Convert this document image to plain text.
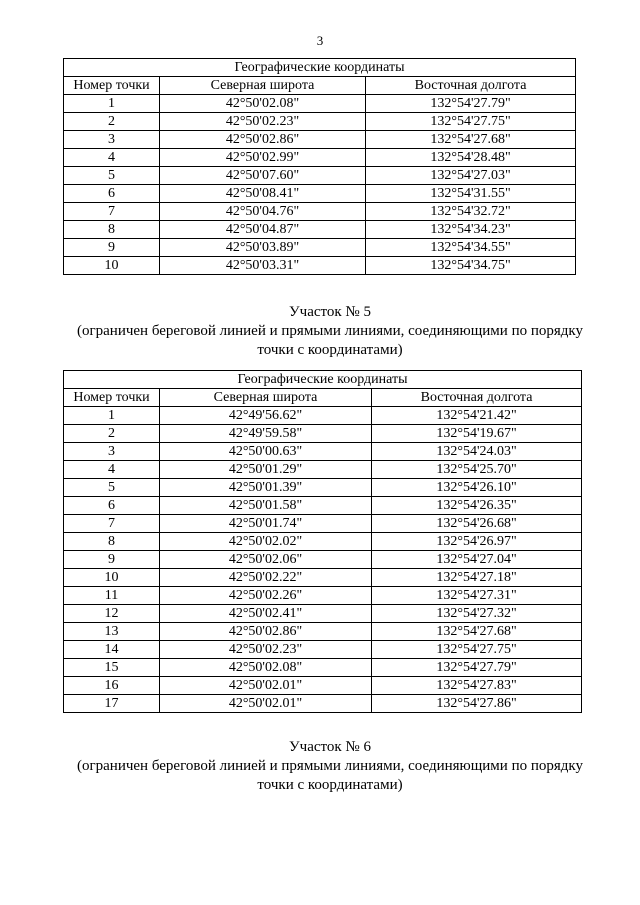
3
Географические координаты		
Номер точки	Северная широта	Восточная долгота
1	42°50'02.08"	132°54'27.79"
2	42°50'02.23"	132°54'27.75"
3	42°50'02.86"	132°54'27.68"
4	42°50'02.99"	132°54'28.48"
5	42°50'07.60"	132°54'27.03"
6	42°50'08.41"	132°54'31.55"
7	42°50'04.76"	132°54'32.72"
8	42°50'04.87"	132°54'34.23"
9	42°50'03.89"	132°54'34.55"
10	42°50'03.31"	132°54'34.75"
Участок № 5
(ограничен береговой линией и прямыми линиями, соединяющими по порядку
точки с координатами)
Географические координаты		
Номер точки	Северная широта	Восточная долгота
1	42°49'56.62"	132°54'21.42"
2	42°49'59.58"	132°54'19.67"
3	42°50'00.63"	132°54'24.03"
4	42°50'01.29"	132°54'25.70"
5	42°50'01.39"	132°54'26.10"
6	42°50'01.58"	132°54'26.35"
7	42°50'01.74"	132°54'26.68"
8	42°50'02.02"	132°54'26.97"
9	42°50'02.06"	132°54'27.04"
10	42°50'02.22"	132°54'27.18"
11	42°50'02.26"	132°54'27.31"
12	42°50'02.41"	132°54'27.32"
13	42°50'02.86"	132°54'27.68"
14	42°50'02.23"	132°54'27.75"
15	42°50'02.08"	132°54'27.79"
16	42°50'02.01"	132°54'27.83"
17	42°50'02.01"	132°54'27.86"
Участок № 6
(ограничен береговой линией и прямыми линиями, соединяющими по порядку
точки с координатами)
